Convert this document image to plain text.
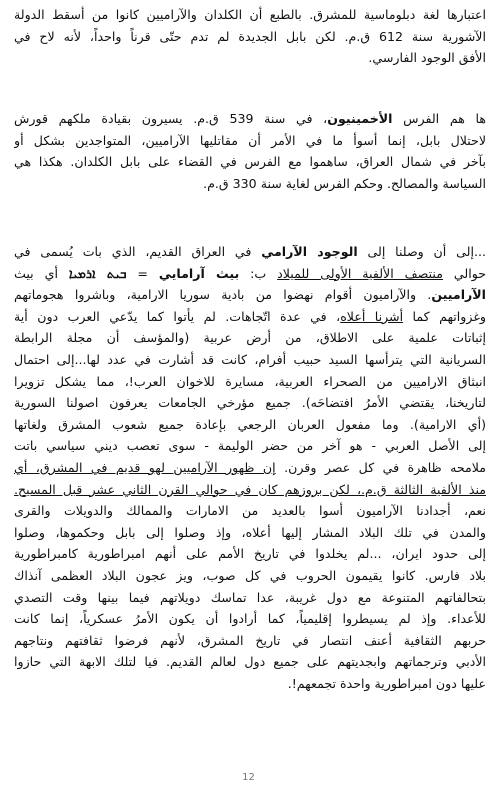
اعتبارها لغة دبلوماسية للمشرق. بالطبع أن الكلدان والآراميين كانوا من أسقط الدولة
الآشورية سنة 612 ق.م. لكن بابل الجديدة لم تدم حتّى قرناً واحداً، لأنه لاح في
الأفق الوجود الفارسي.
ها هم الفرس الأخمينيون، في سنة 539 ق.م. يسيرون بقيادة ملكهم قورش
لاحتلال بابل، إنما أسوأ ما في الأمر أن مقاتليها الآراميين، المتواجدين بشكل أو
بآخر في شمال العراق، ساهموا مع الفرس في القضاء على بابل الكلدان. هكذا هي
السياسة والمصالح. وحكم الفرس لغاية سنة 330 ق.م.
...إلى أن وصلنا إلى الوجود الآرامي في العراق القديم، الذي بات يُسمى في
حوالي منتصف الألفية الأولى للميلاد ب: بيث آرامايي = ܒܝܬ ܐܪܡܝܐ أي بيث
الآراميين. والآراميون أقوام نهضوا من بادية سوريا الارامية، وباشروا هجوماتهم
وغزواتهم كما أشرنا أعلاه، في عدة اتّجاهات. لم يأتوا كما يدّعي العرب دون أية
إثباتات علمية على الاطلاق، من أرض عربية (والمؤسف أن مجلة الرابطة
السريانية التي يترأسها السيد حبيب أفرام، كانت قد أشارت في عدد لها...إلى احتمال
انبثاق الاراميين من الصحراء العربية، مسايرة للاخوان العرب!، مما يشكل تزويرا
لتاريخنا، يقتضي الأمرُ افتضاحَه). جميع مؤرخي الجامعات يعرفون اصولنا السورية
(أي الارامية). وما مفعول العربان الرجعي بإعادة جميع شعوب المشرق ولغاتها
إلى الأصل العربي - هو آخر من حضر الوليمة - سوى تعصب ديني سياسي باتت
ملامحه ظاهرة في كل عصر وقرن. إن ظهور الآراميين لهو قديم في المشرق، أي
منذ الألفية الثالثة ق.م.، لكن بروزهم كان في حوالي القرن الثاني عشر قبل المسيح.
نعم، أجدادنا الآراميون أسوا بالعديد من الامارات والممالك والدويلات والقرى
والمدن في تلك البلاد المشار إليها أعلاه، وإذ وصلوا إلى بابل وحكموها، وصلوا
إلى حدود ايران، ...لم يخلدوا في تاريخ الأمم على أنهم امبراطورية كامبراطورية
بلاد فارس. كانوا يقيمون الحروب في كل صوب، ويز عجون البلاد العظمى آنذاك
بتحالفاتهم المتنوعة مع دول غريبة، عدا تماسك دويلاتهم فيما بينها وقت التصدي
للأعداء. وإذ لم يسيطروا إقليمياً، كما أرادوا أن يكون الأمرُ عسكرياً، إنما كانت
حربهم الثقافية أعنف انتصار في تاريخ المشرق، لأنهم فرضوا ثقافتهم ونتاجهم
الأدبي وترجماتهم وابجديتهم على جميع دول لعالم القديم. فيا لتلك الابهة التي حازوا
عليها دون امبراطورية واحدة تجمعهم!.
12
